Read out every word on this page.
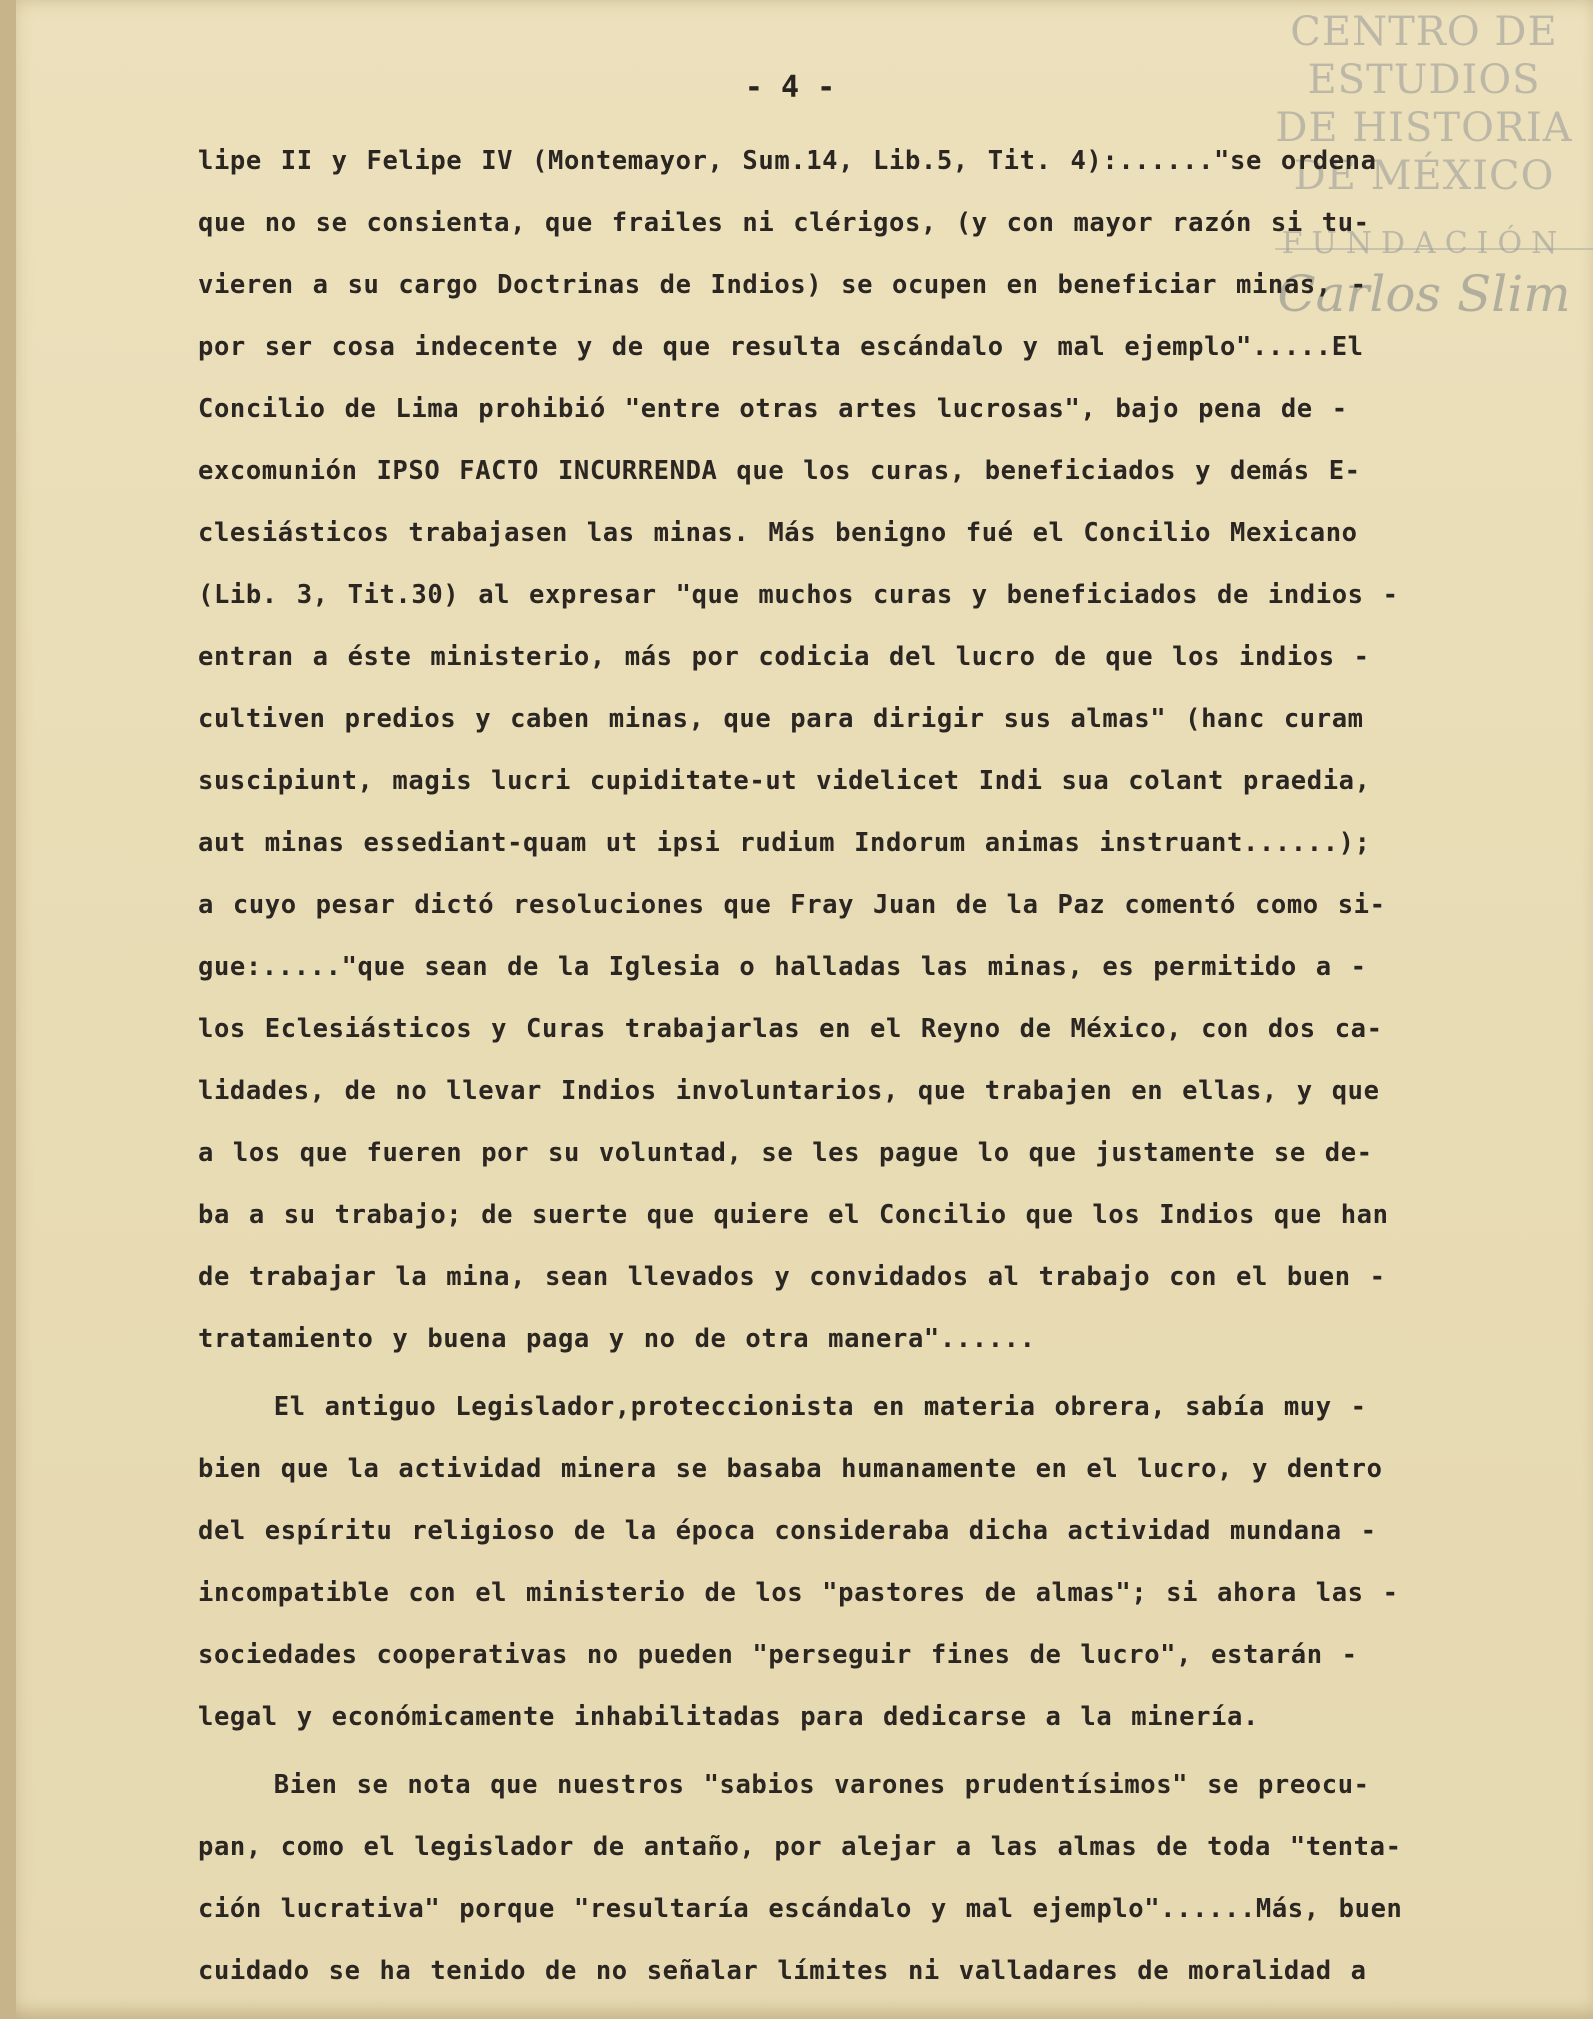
CENTRO DE
ESTUDIOS
DE HISTORIA
DE MÉXICO
FUNDACIÓN
Carlos Slim
- 4 -
lipe II y Felipe IV (Montemayor, Sum.14, Lib.5, Tit. 4):......"se ordena
que no se consienta, que frailes ni clérigos, (y con mayor razón si tu-
vieren a su cargo Doctrinas de Indios) se ocupen en beneficiar minas, -
por ser cosa indecente y de que resulta escándalo y mal ejemplo".....El
Concilio de Lima prohibió "entre otras artes lucrosas", bajo pena de -
excomunión IPSO FACTO INCURRENDA que los curas, beneficiados y demás E-
clesiásticos trabajasen las minas. Más benigno fué el Concilio Mexicano
(Lib. 3, Tit.30) al expresar "que muchos curas y beneficiados de indios -
entran a éste ministerio, más por codicia del lucro de que los indios -
cultiven predios y caben minas, que para dirigir sus almas" (hanc curam
suscipiunt, magis lucri cupiditate-ut videlicet Indi sua colant praedia,
aut minas essediant-quam ut ipsi rudium Indorum animas instruant......);
a cuyo pesar dictó resoluciones que Fray Juan de la Paz comentó como si-
gue:....."que sean de la Iglesia o halladas las minas, es permitido a -
los Eclesiásticos y Curas trabajarlas en el Reyno de México, con dos ca-
lidades, de no llevar Indios involuntarios, que trabajen en ellas, y que
a los que fueren por su voluntad, se les pague lo que justamente se de-
ba a su trabajo; de suerte que quiere el Concilio que los Indios que han
de trabajar la mina, sean llevados y convidados al trabajo con el buen -
tratamiento y buena paga y no de otra manera"......
El antiguo Legislador,proteccionista en materia obrera, sabía muy -
bien que la actividad minera se basaba humanamente en el lucro, y dentro
del espíritu religioso de la época consideraba dicha actividad mundana -
incompatible con el ministerio de los "pastores de almas"; si ahora las -
sociedades cooperativas no pueden "perseguir fines de lucro", estarán -
legal y económicamente inhabilitadas para dedicarse a la minería.
Bien se nota que nuestros "sabios varones prudentísimos" se preocu-
pan, como el legislador de antaño, por alejar a las almas de toda "tenta-
ción lucrativa" porque "resultaría escándalo y mal ejemplo"......Más, buen
cuidado se ha tenido de no señalar límites ni valladares de moralidad a
